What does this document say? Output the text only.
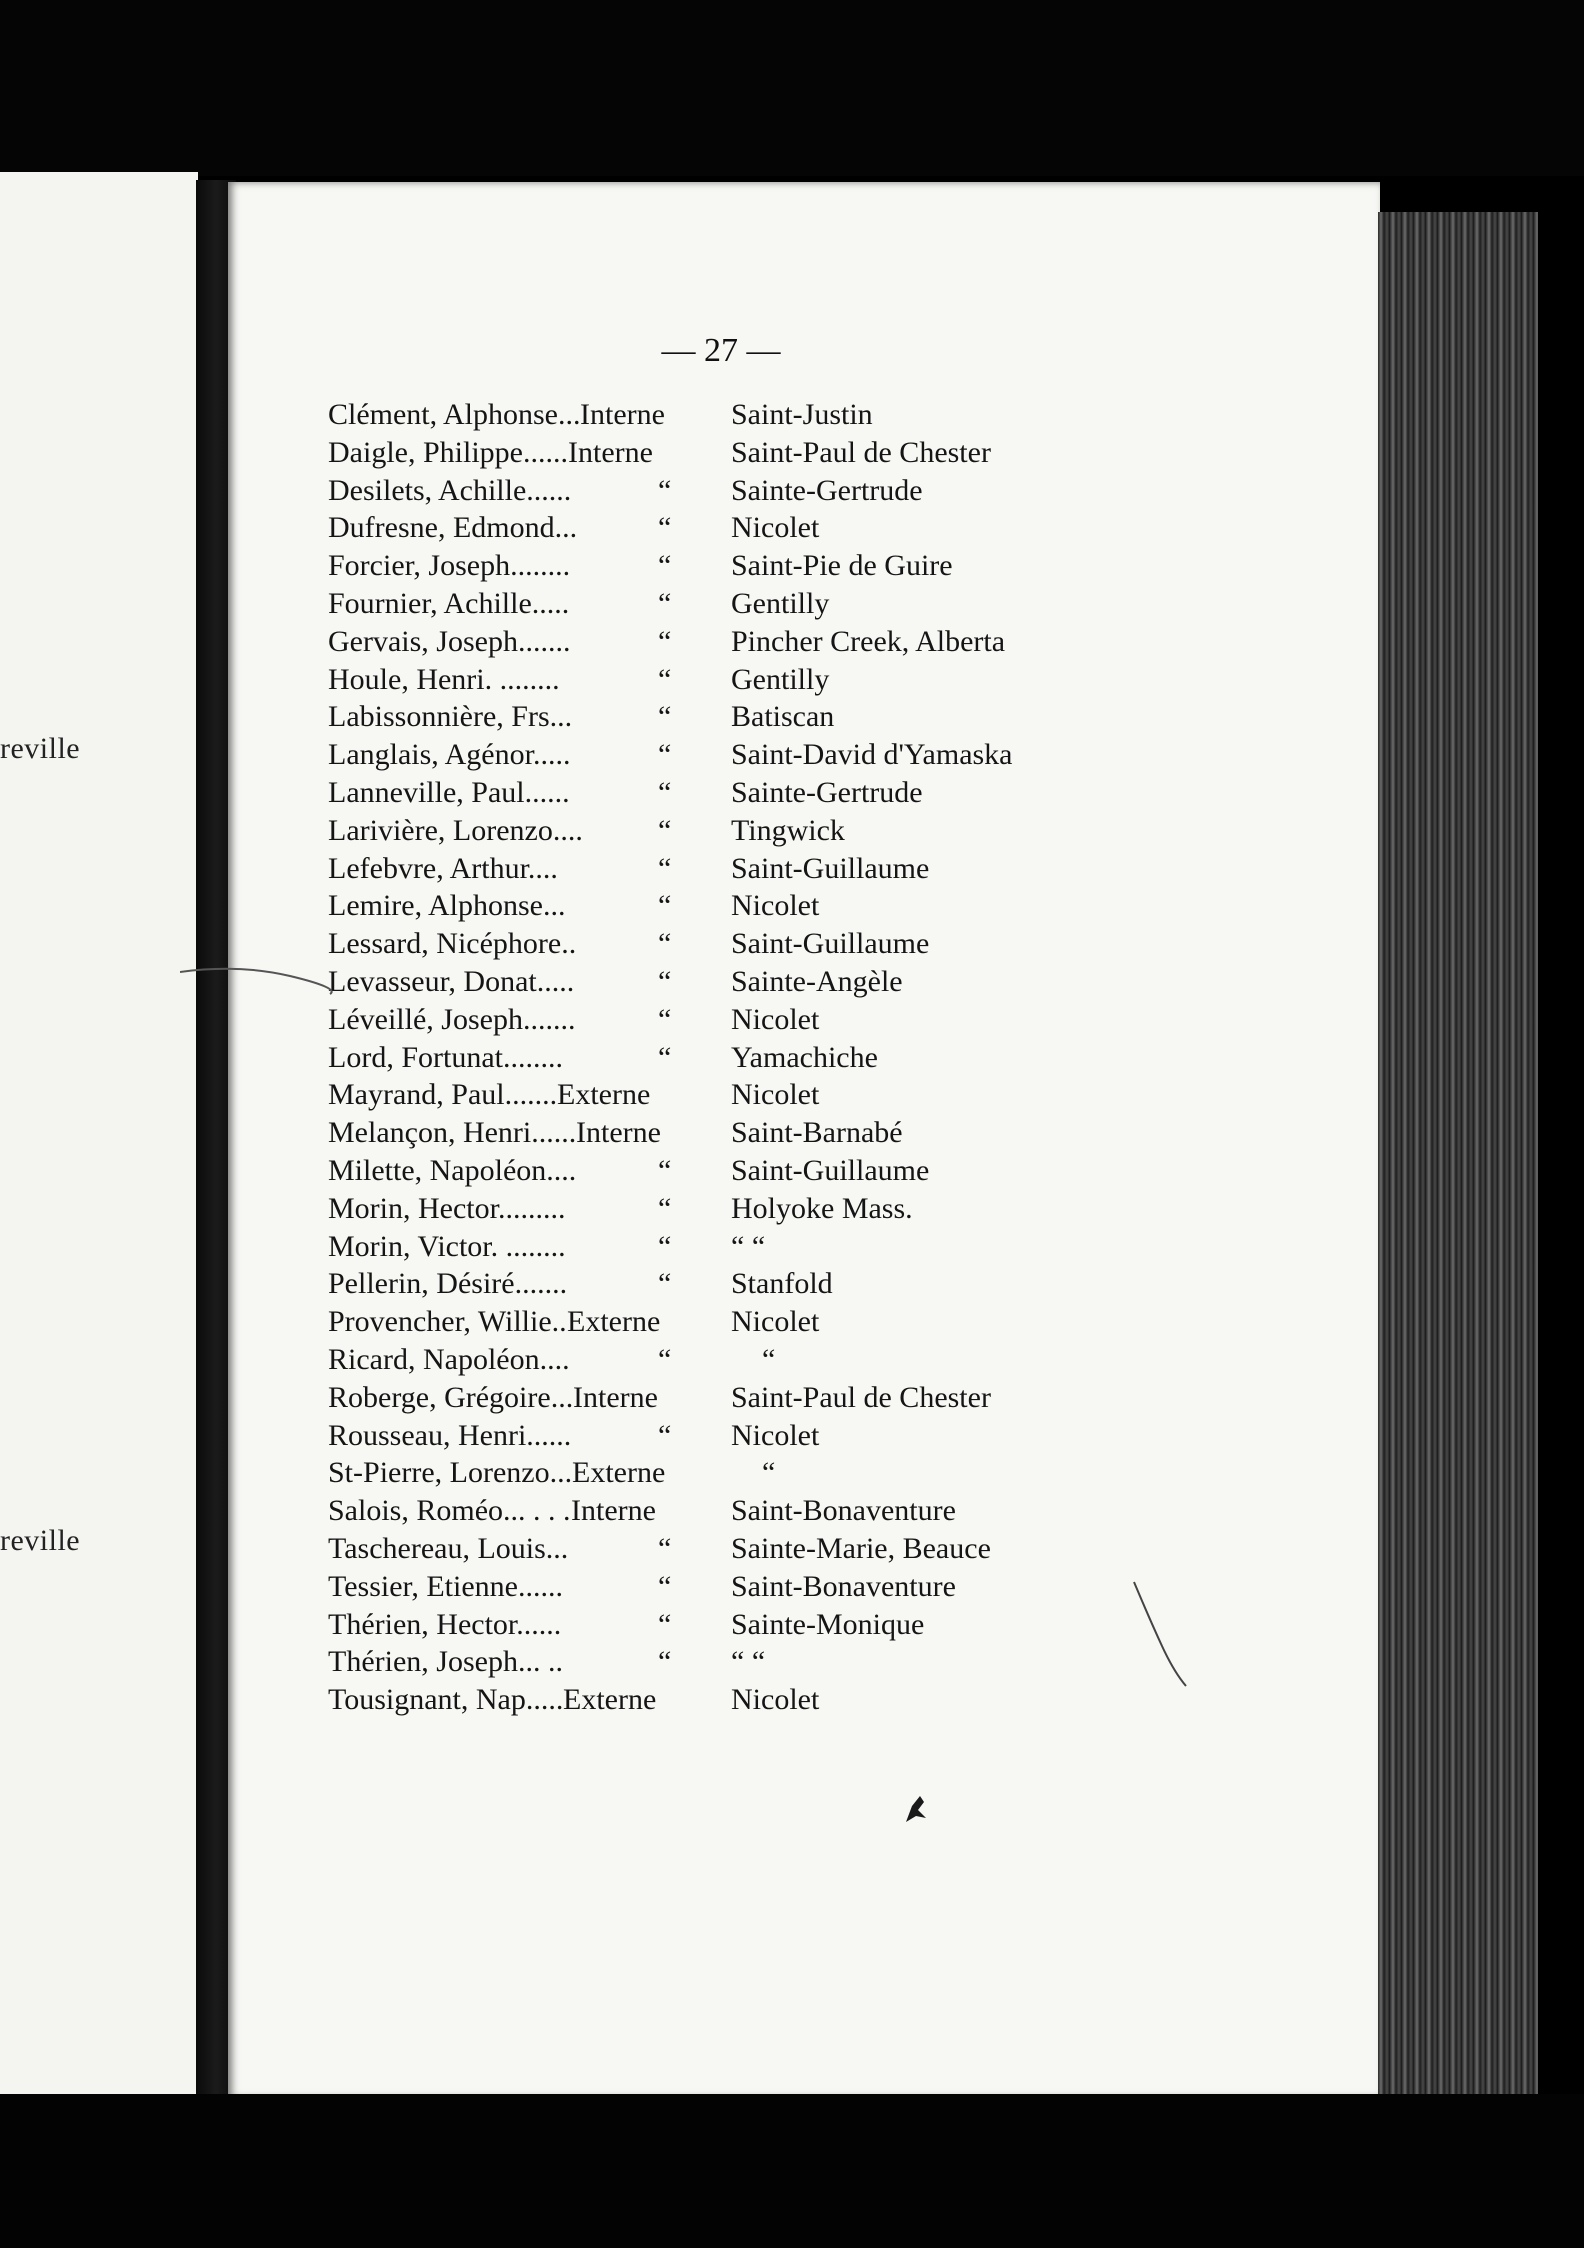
reville
reville
— 27 —
Clément, Alphonse... Interne Saint-Justin
Daigle, Philippe...... Interne	Saint-Paul de Chester
Desilets, Achille......	“	Sainte-Gertrude
Dufresne, Edmond...	“	Nicolet
Forcier, Joseph........	“	Saint-Pie de Guire
Fournier, Achille.....	“	Gentilly
Gervais, Joseph.......	“	Pincher Creek, Alberta
Houle, Henri. ........	“	Gentilly
Labissonnière, Frs...	“	Batiscan
Langlais, Agénor.....	“	Saint-David d'Yamaska
Lanneville, Paul......	“	Sainte-Gertrude
Larivière, Lorenzo....	“	Tingwick
Lefebvre, Arthur....	“	Saint-Guillaume
Lemire, Alphonse...	“	Nicolet
Lessard, Nicéphore..	“	Saint-Guillaume
Levasseur, Donat.....	“	Sainte-Angèle
Léveillé, Joseph.......	“	Nicolet
Lord, Fortunat........	“	Yamachiche
Mayrand, Paul....... Externe	Nicolet
Melançon, Henri...... Interne Saint-Barnabé
Milette, Napoléon....	“	Saint-Guillaume
Morin, Hector.........	“	Holyoke Mass.
Morin, Victor. ........	“	“ “
Pellerin, Désiré.......	“	Stanfold
Provencher, Willie.. Externe Nicolet
Ricard, Napoléon....	“	“
Roberge, Grégoire... Interne Saint-Paul de Chester
Rousseau, Henri......	“	Nicolet
St-Pierre, Lorenzo... Externe	“
Salois, Roméo... . . . Interne	Saint-Bonaventure
Taschereau, Louis...	“	Sainte-Marie, Beauce
Tessier, Etienne......	“	Saint-Bonaventure
Thérien, Hector......	“	Sainte-Monique
Thérien, Joseph... ..	“	“ “
Tousignant, Nap..... Externe Nicolet
